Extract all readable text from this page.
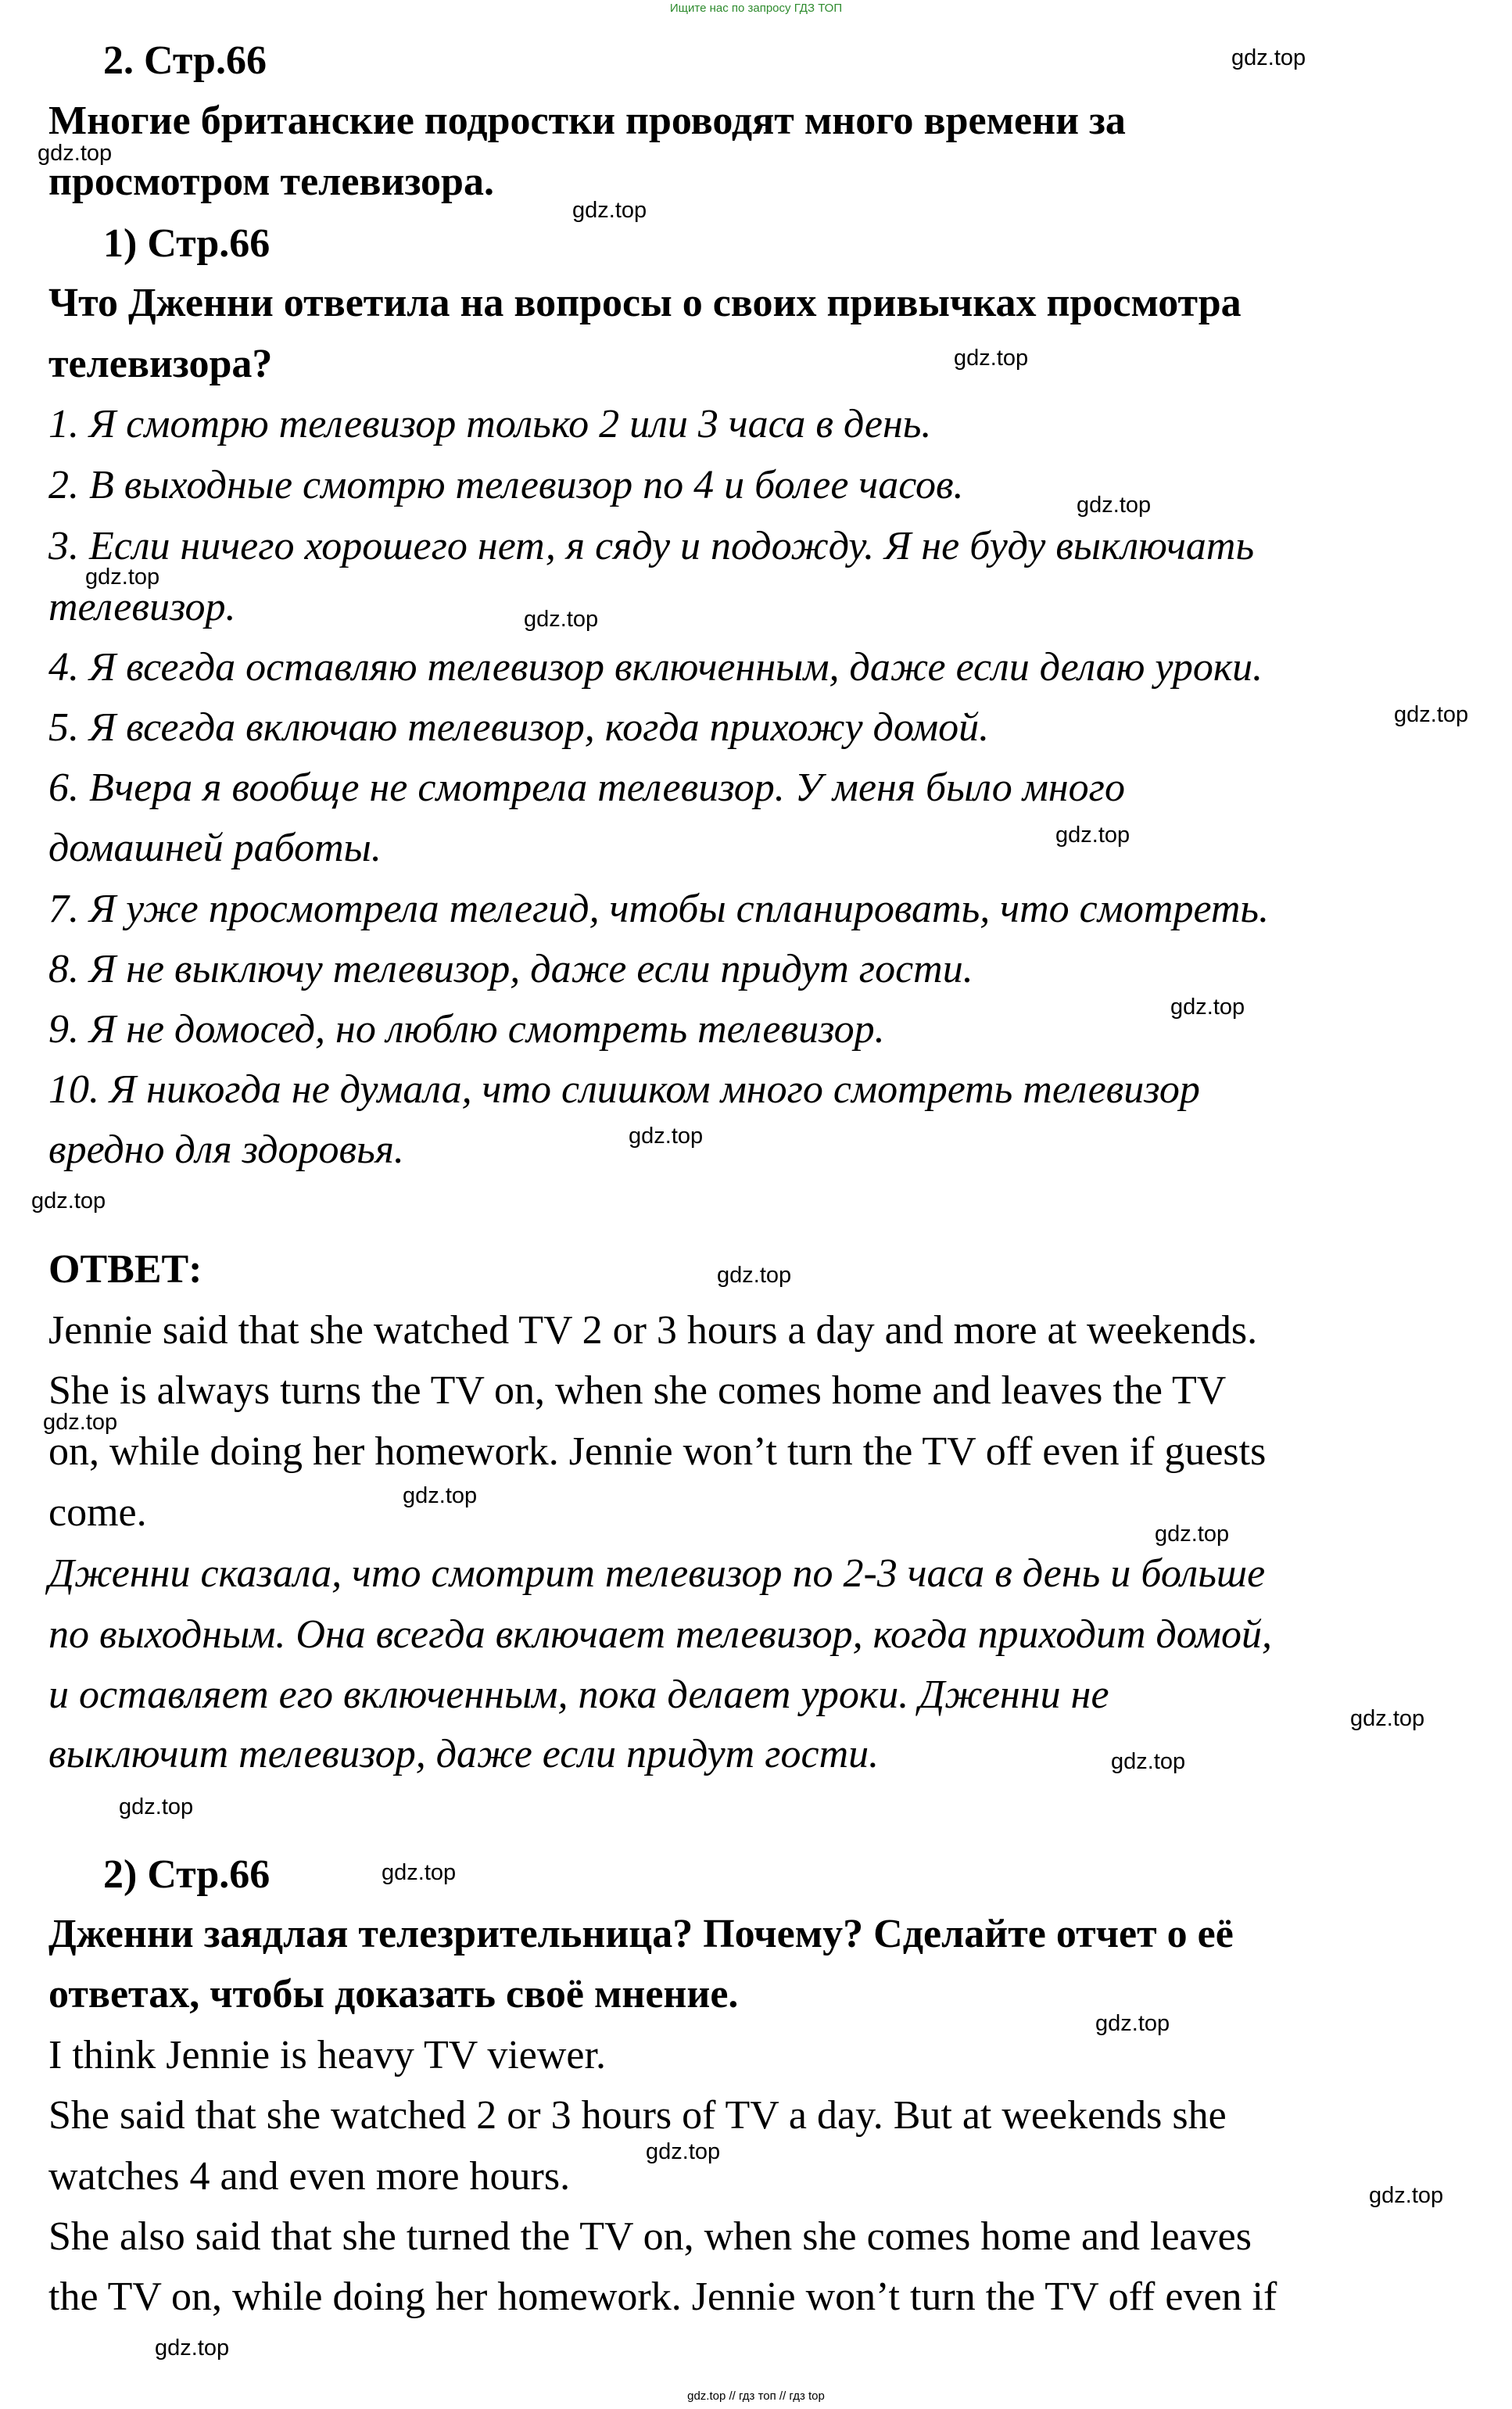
Ищите нас по запросу ГДЗ ТОП
2. Стр.66
Многие британские подростки проводят много времени за
просмотром телевизора.
1) Стр.66
Что Дженни ответила на вопросы о своих привычках просмотра
телевизора?
1. Я смотрю телевизор только 2 или 3 часа в день.
2. В выходные смотрю телевизор по 4 и более часов.
3. Если ничего хорошего нет, я сяду и подожду. Я не буду выключать
телевизор.
4. Я всегда оставляю телевизор включенным, даже если делаю уроки.
5. Я всегда включаю телевизор, когда прихожу домой.
6. Вчера я вообще не смотрела телевизор. У меня было много
домашней работы.
7. Я уже просмотрела телегид, чтобы спланировать, что смотреть.
8. Я не выключу телевизор, даже если придут гости.
9. Я не домосед, но люблю смотреть телевизор.
10. Я никогда не думала, что слишком много смотреть телевизор
вредно для здоровья.
ОТВЕТ:
Jennie said that she watched TV 2 or 3 hours a day and more at weekends.
She is always turns the TV on, when she comes home and leaves the TV
on, while doing her homework. Jennie won’t turn the TV off even if guests
come.
Дженни сказала, что смотрит телевизор по 2-3 часа в день и больше
по выходным. Она всегда включает телевизор, когда приходит домой,
и оставляет его включенным, пока делает уроки. Дженни не
выключит телевизор, даже если придут гости.
2) Стр.66
Дженни заядлая телезрительница? Почему? Сделайте отчет о её
ответах, чтобы доказать своё мнение.
I think Jennie is heavy TV viewer.
She said that she watched 2 or 3 hours of TV a day. But at weekends she
watches 4 and even more hours.
She also said that she turned the TV on, when she comes home and leaves
the TV on, while doing her homework. Jennie won’t turn the TV off even if
gdz.top
gdz.top
gdz.top
gdz.top
gdz.top
gdz.top
gdz.top
gdz.top
gdz.top
gdz.top
gdz.top
gdz.top
gdz.top
gdz.top
gdz.top
gdz.top
gdz.top
gdz.top
gdz.top
gdz.top
gdz.top
gdz.top
gdz.top
gdz.top
gdz.top // гдз топ // гдз top
